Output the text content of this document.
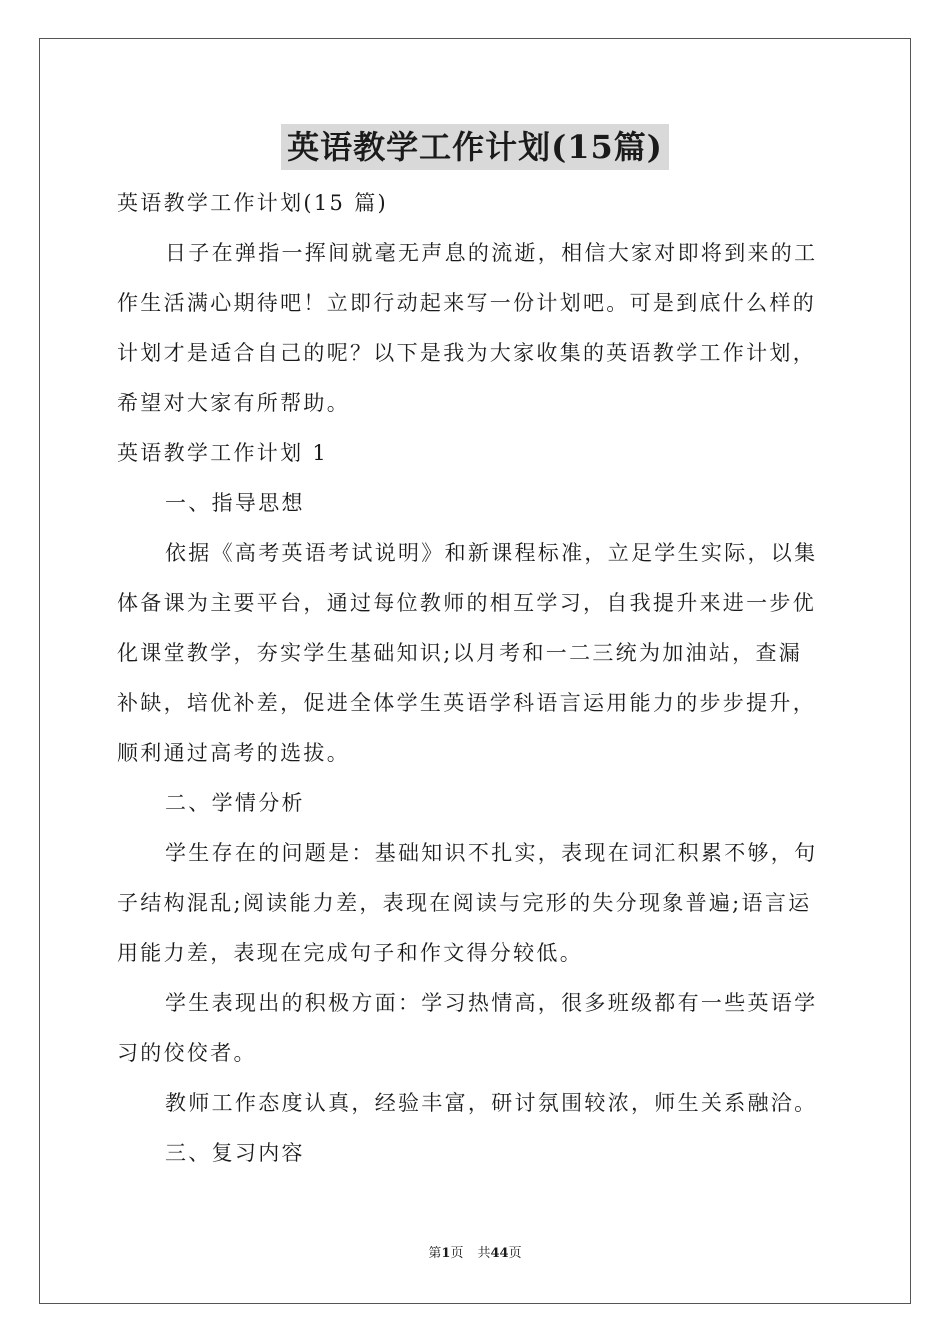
英语教学工作计划(15篇)
英语教学工作计划(15 篇)
日子在弹指一挥间就毫无声息的流逝，相信大家对即将到来的工
作生活满心期待吧！立即行动起来写一份计划吧。可是到底什么样的
计划才是适合自己的呢？以下是我为大家收集的英语教学工作计划，
希望对大家有所帮助。
英语教学工作计划 1
一、指导思想
依据《高考英语考试说明》和新课程标准，立足学生实际，以集
体备课为主要平台，通过每位教师的相互学习，自我提升来进一步优
化课堂教学，夯实学生基础知识;以月考和一二三统为加油站，查漏
补缺，培优补差，促进全体学生英语学科语言运用能力的步步提升，
顺利通过高考的选拔。
二、学情分析
学生存在的问题是：基础知识不扎实，表现在词汇积累不够，句
子结构混乱;阅读能力差，表现在阅读与完形的失分现象普遍;语言运
用能力差，表现在完成句子和作文得分较低。
学生表现出的积极方面：学习热情高，很多班级都有一些英语学
习的佼佼者。
教师工作态度认真，经验丰富，研讨氛围较浓，师生关系融洽。
三、复习内容
第1页 共44页
